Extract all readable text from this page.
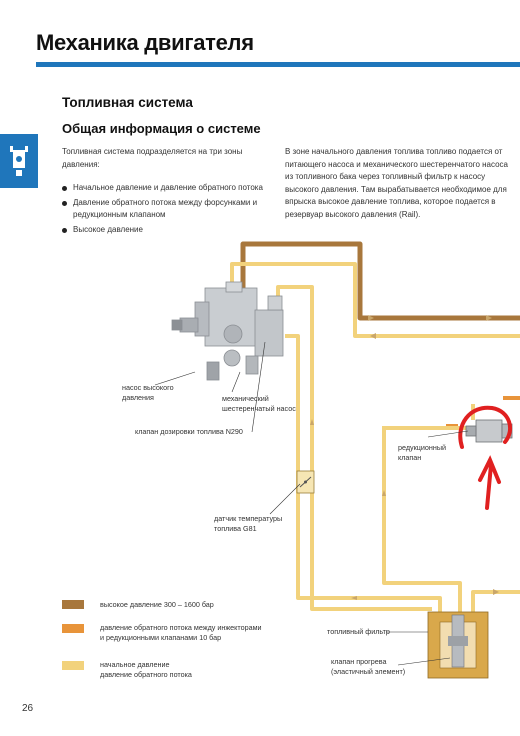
Механика двигателя
Топливная система
Общая информация о системе
Топливная система подразделяется на три зоны давления:
Начальное давление и давление обратного потока
Давление обратного потока между форсунками и редукционным клапаном
Высокое давление
В зоне начального давления топлива топливо подается от питающего насоса и механического шестеренчатого насоса из топливного бака через топливный фильтр к насосу высокого давления. Там вырабатывается необходимое для впрыска высокое давление топлива, которое подается в резервуар высокого давления (Rail).
насос высокого
давления	механический
шестеренчатый насос
клапан дозировки топлива N290
редукционный
клапан
датчик температуры
топлива G81
топливный фильтр
клапан прогрева
(эластичный элемент)
высокое давление 300 – 1600 бар
давление обратного потока между инжекторами
и редукционными клапанами 10 бар
начальное давление
давление обратного потока
26
